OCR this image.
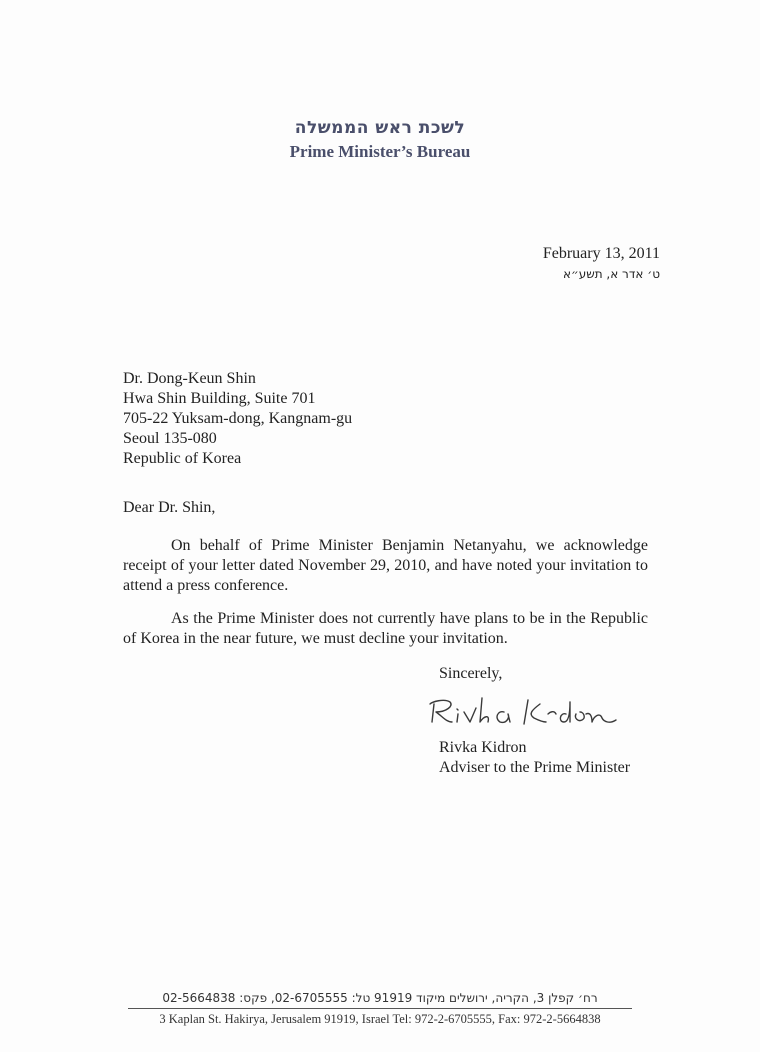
לשכת ראש הממשלה
Prime Minister’s Bureau
February 13, 2011
ט׳ אדר א, תשע״א
Dr. Dong-Keun Shin
Hwa Shin Building, Suite 701
705-22 Yuksam-dong, Kangnam-gu
Seoul 135-080
Republic of Korea
Dear Dr. Shin,
On behalf of Prime Minister Benjamin Netanyahu, we acknowledge receipt of your letter dated November 29, 2010, and have noted your invitation to attend a press conference.
As the Prime Minister does not currently have plans to be in the Republic of Korea in the near future, we must decline your invitation.
Sincerely,
Rivka Kidron
Adviser to the Prime Minister
רח׳ קפלן 3, הקריה, ירושלים מיקוד 91919 טל: 02-6705555, פקס: 02-5664838
3 Kaplan St. Hakirya, Jerusalem 91919, Israel Tel: 972-2-6705555, Fax: 972-2-5664838
